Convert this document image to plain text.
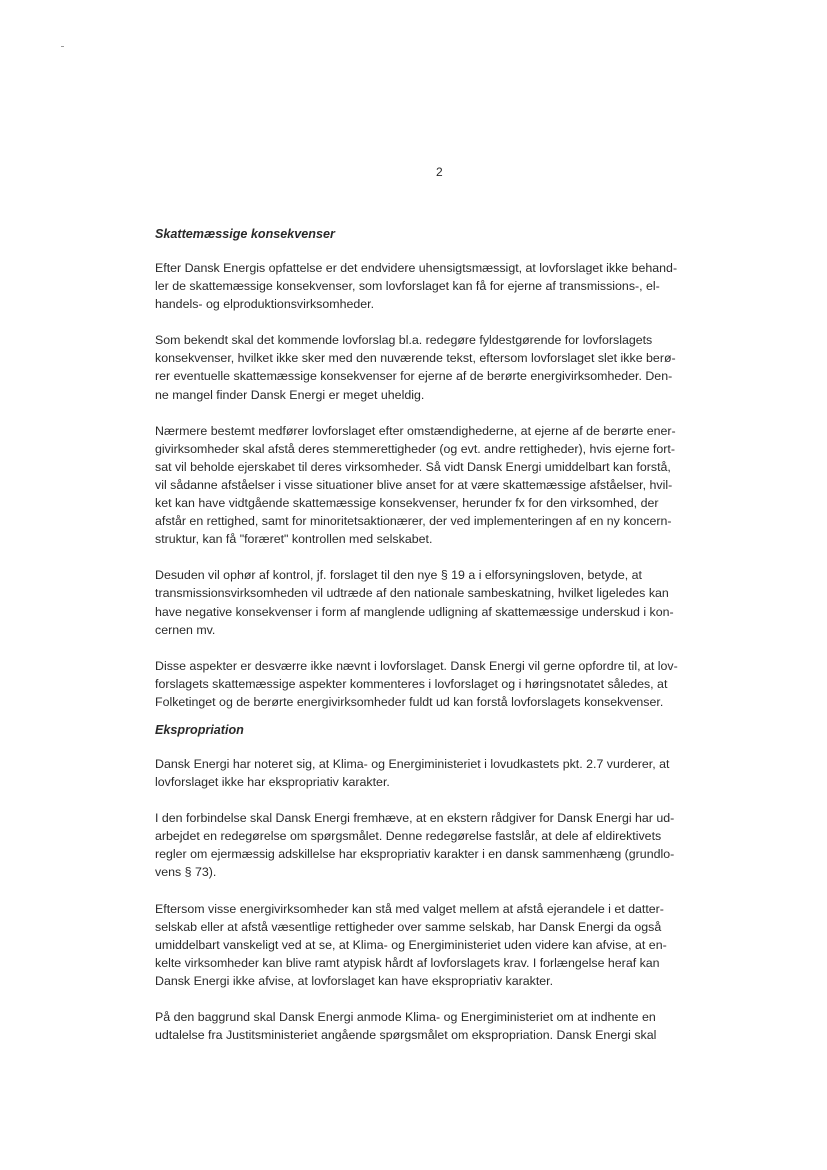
2
Skattemæssige konsekvenser

Efter Dansk Energis opfattelse er det endvidere uhensigtsmæssigt, at lovforslaget ikke behand-
ler de skattemæssige konsekvenser, som lovforslaget kan få for ejerne af transmissions-, el-
handels- og elproduktionsvirksomheder.

Som bekendt skal det kommende lovforslag bl.a. redegøre fyldestgørende for lovforslagets
konsekvenser, hvilket ikke sker med den nuværende tekst, eftersom lovforslaget slet ikke berø-
rer eventuelle skattemæssige konsekvenser for ejerne af de berørte energivirksomheder. Den-
ne mangel finder Dansk Energi er meget uheldig.

Nærmere bestemt medfører lovforslaget efter omstændighederne, at ejerne af de berørte ener-
givirksomheder skal afstå deres stemmerettigheder (og evt. andre rettigheder), hvis ejerne fort-
sat vil beholde ejerskabet til deres virksomheder. Så vidt Dansk Energi umiddelbart kan forstå,
vil sådanne afståelser i visse situationer blive anset for at være skattemæssige afståelser, hvil-
ket kan have vidtgående skattemæssige konsekvenser, herunder fx for den virksomhed, der
afstår en rettighed, samt for minoritetsaktionærer, der ved implementeringen af en ny koncern-
struktur, kan få "foræret" kontrollen med selskabet.

Desuden vil ophør af kontrol, jf. forslaget til den nye § 19 a i elforsyningsloven, betyde, at
transmissionsvirksomheden vil udtræde af den nationale sambeskatning, hvilket ligeledes kan
have negative konsekvenser i form af manglende udligning af skattemæssige underskud i kon-
cernen mv.

Disse aspekter er desværre ikke nævnt i lovforslaget. Dansk Energi vil gerne opfordre til, at lov-
forslagets skattemæssige aspekter kommenteres i lovforslaget og i høringsnotatet således, at
Folketinget og de berørte energivirksomheder fuldt ud kan forstå lovforslagets konsekvenser.

Ekspropriation

Dansk Energi har noteret sig, at Klima- og Energiministeriet i lovudkastets pkt. 2.7 vurderer, at
lovforslaget ikke har ekspropriativ karakter.

I den forbindelse skal Dansk Energi fremhæve, at en ekstern rådgiver for Dansk Energi har ud-
arbejdet en redegørelse om spørgsmålet. Denne redegørelse fastslår, at dele af eldirektivets
regler om ejermæssig adskillelse har ekspropriativ karakter i en dansk sammenhæng (grundlo-
vens § 73).

Eftersom visse energivirksomheder kan stå med valget mellem at afstå ejerandele i et datter-
selskab eller at afstå væsentlige rettigheder over samme selskab, har Dansk Energi da også
umiddelbart vanskeligt ved at se, at Klima- og Energiministeriet uden videre kan afvise, at en-
kelte virksomheder kan blive ramt atypisk hårdt af lovforslagets krav. I forlængelse heraf kan
Dansk Energi ikke afvise, at lovforslaget kan have ekspropriativ karakter.

På den baggrund skal Dansk Energi anmode Klima- og Energiministeriet om at indhente en
udtalelse fra Justitsministeriet angående spørgsmålet om ekspropriation. Dansk Energi skal
